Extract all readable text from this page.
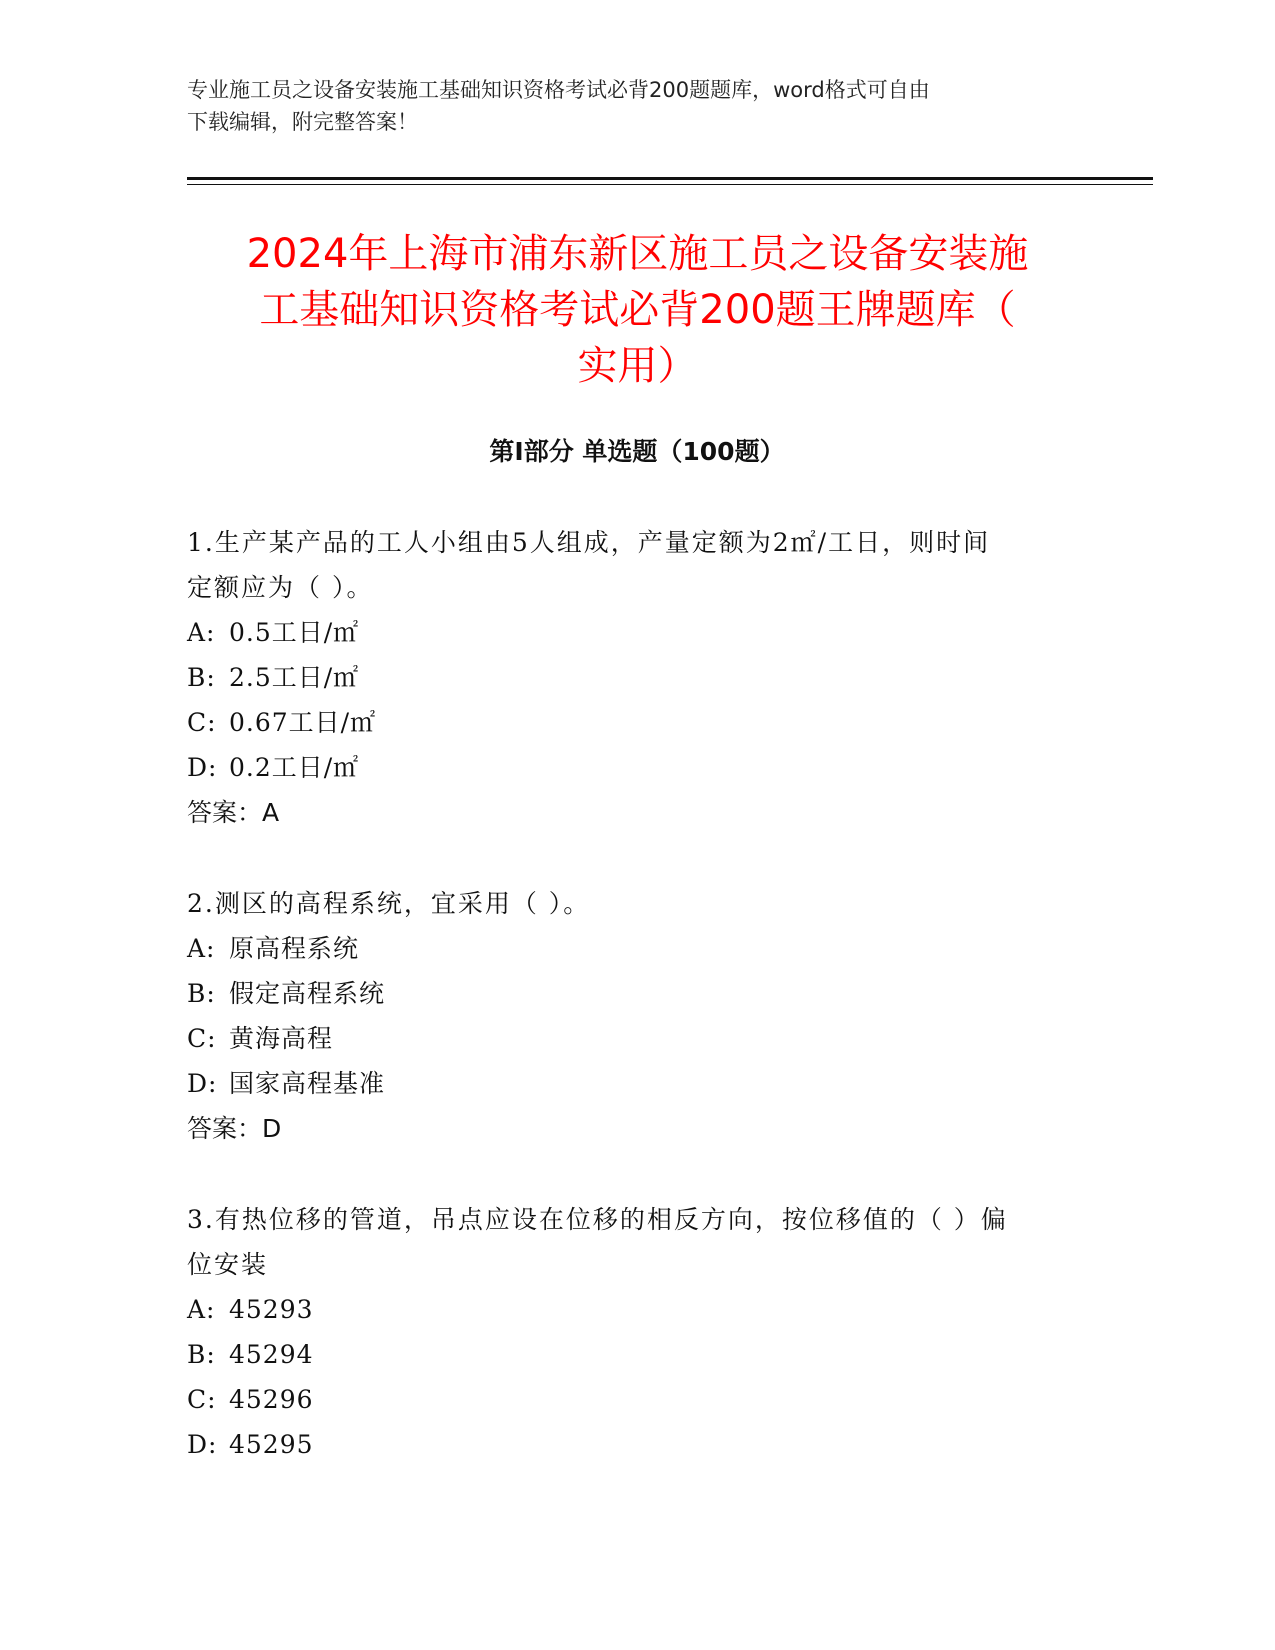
专业施工员之设备安装施工基础知识资格考试必背200题题库，word格式可自由
下载编辑，附完整答案！
2024年上海市浦东新区施工员之设备安装施
工基础知识资格考试必背200题王牌题库（
实用）
第Ⅰ部分 单选题（100题）

1.生产某产品的工人小组由5人组成，产量定额为2㎡/工日，则时间

定额应为（ ）。

A: 0.5工日/㎡

B: 2.5工日/㎡

C: 0.67工日/㎡

D: 0.2工日/㎡

答案：A

2.测区的高程系统，宜采用（ ）。

A: 原高程系统

B: 假定高程系统

C: 黄海高程

D: 国家高程基准

答案：D

3.有热位移的管道，吊点应设在位移的相反方向，按位移值的（ ）偏

位安装

A: 45293

B: 45294

C: 45296

D: 45295
